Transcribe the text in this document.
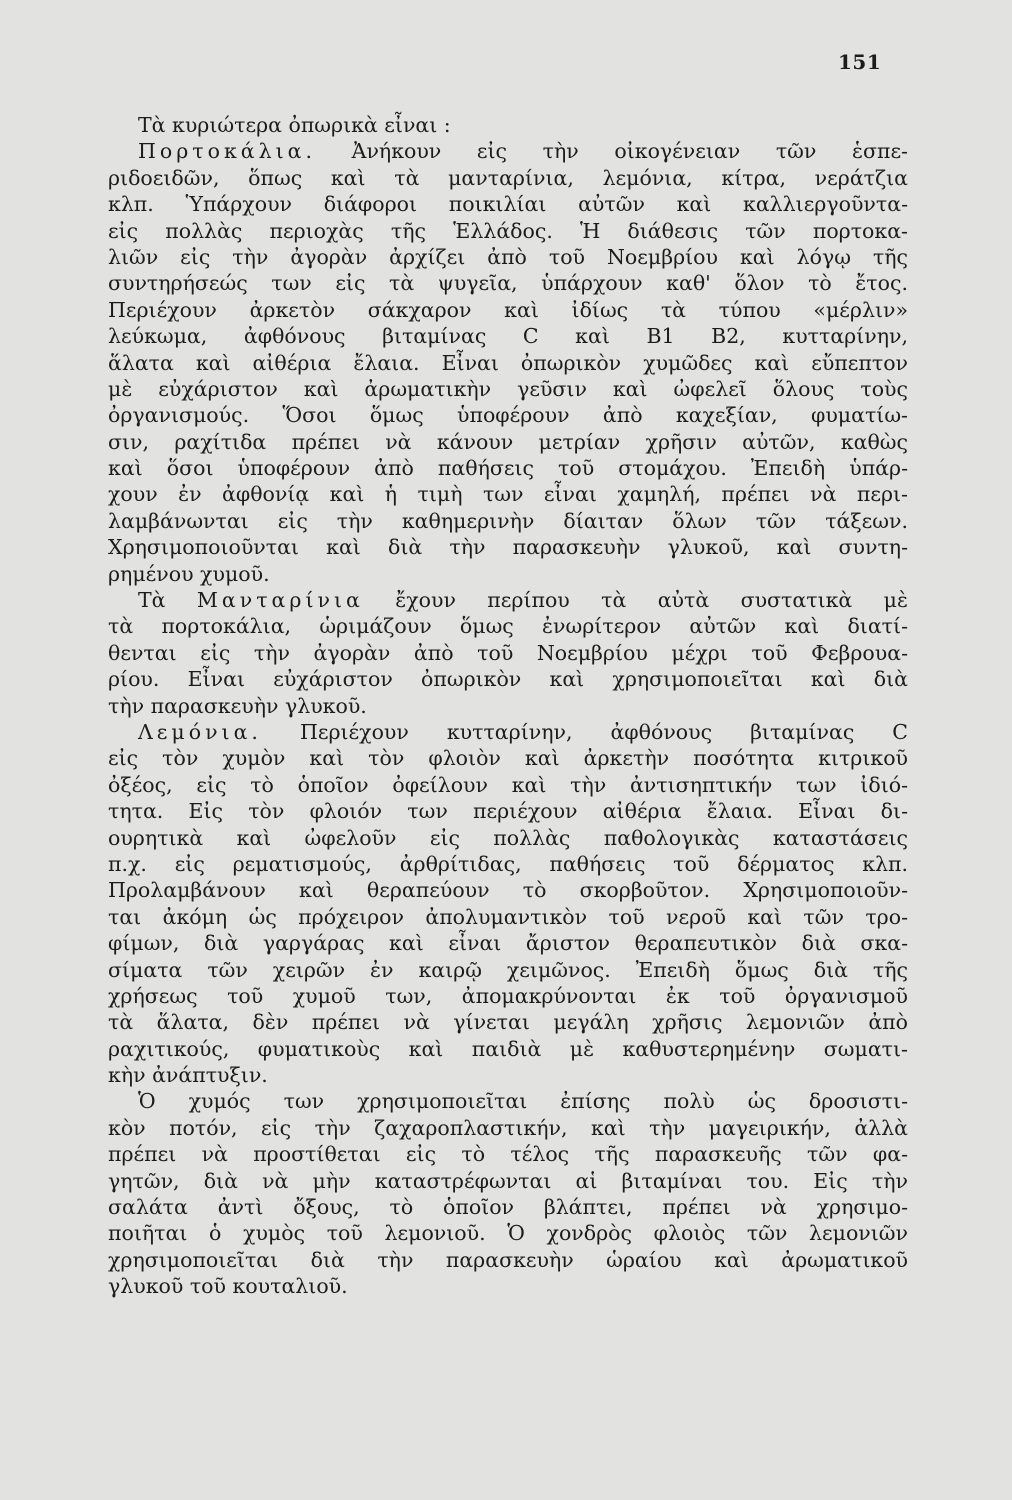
151
Τὰ κυριώτερα ὀπωρικὰ εἶναι :
Πορτοκάλια. Ἀνήκουν εἰς τὴν οἰκογένειαν τῶν ἑσπε-
ριδοειδῶν, ὅπως καὶ τὰ μανταρίνια, λεμόνια, κίτρα, νεράτζια
κλπ. Ὑπάρχουν διάφοροι ποικιλίαι αὐτῶν καὶ καλλιεργοῦντα-
εἰς πολλὰς περιοχὰς τῆς Ἑλλάδος. Ἡ διάθεσις τῶν πορτοκα-
λιῶν εἰς τὴν ἀγορὰν ἀρχίζει ἀπὸ τοῦ Νοεμβρίου καὶ λόγῳ τῆς
συντηρήσεώς των εἰς τὰ ψυγεῖα, ὑπάρχουν καθ' ὅλον τὸ ἔτος.
Περιέχουν ἀρκετὸν σάκχαρον καὶ ἰδίως τὰ τύπου «μέρλιν»
λεύκωμα, ἀφθόνους βιταμίνας C καὶ B1 B2, κυτταρίνην,
ἅλατα καὶ αἰθέρια ἔλαια. Εἶναι ὀπωρικὸν χυμῶδες καὶ εὔπεπτον
μὲ εὐχάριστον καὶ ἀρωματικὴν γεῦσιν καὶ ὠφελεῖ ὅλους τοὺς
ὀργανισμούς. Ὅσοι ὅμως ὑποφέρουν ἀπὸ καχεξίαν, φυματίω-
σιν, ραχίτιδα πρέπει νὰ κάνουν μετρίαν χρῆσιν αὐτῶν, καθὼς
καὶ ὅσοι ὑποφέρουν ἀπὸ παθήσεις τοῦ στομάχου. Ἐπειδὴ ὑπάρ-
χουν ἐν ἀφθονίᾳ καὶ ἡ τιμὴ των εἶναι χαμηλή, πρέπει νὰ περι-
λαμβάνωνται εἰς τὴν καθημερινὴν δίαιταν ὅλων τῶν τάξεων.
Χρησιμοποιοῦνται καὶ διὰ τὴν παρασκευὴν γλυκοῦ, καὶ συντη-
ρημένου χυμοῦ.
Τὰ Μανταρίνια ἔχουν περίπου τὰ αὐτὰ συστατικὰ μὲ
τὰ πορτοκάλια, ὡριμάζουν ὅμως ἐνωρίτερον αὐτῶν καὶ διατί-
θενται εἰς τὴν ἀγορὰν ἀπὸ τοῦ Νοεμβρίου μέχρι τοῦ Φεβρουα-
ρίου. Εἶναι εὐχάριστον ὀπωρικὸν καὶ χρησιμοποιεῖται καὶ διὰ
τὴν παρασκευὴν γλυκοῦ.
Λεμόνια. Περιέχουν κυτταρίνην, ἀφθόνους βιταμίνας C
εἰς τὸν χυμὸν καὶ τὸν φλοιὸν καὶ ἀρκετὴν ποσότητα κιτρικοῦ
ὀξέος, εἰς τὸ ὁποῖον ὀφείλουν καὶ τὴν ἀντισηπτικήν των ἰδιό-
τητα. Εἰς τὸν φλοιόν των περιέχουν αἰθέρια ἔλαια. Εἶναι δι-
ουρητικὰ καὶ ὠφελοῦν εἰς πολλὰς παθολογικὰς καταστάσεις
π.χ. εἰς ρεματισμούς, ἀρθρίτιδας, παθήσεις τοῦ δέρματος κλπ.
Προλαμβάνουν καὶ θεραπεύουν τὸ σκορβοῦτον. Χρησιμοποιοῦν-
ται ἀκόμη ὡς πρόχειρον ἀπολυμαντικὸν τοῦ νεροῦ καὶ τῶν τρο-
φίμων, διὰ γαργάρας καὶ εἶναι ἄριστον θεραπευτικὸν διὰ σκα-
σίματα τῶν χειρῶν ἐν καιρῷ χειμῶνος. Ἐπειδὴ ὅμως διὰ τῆς
χρήσεως τοῦ χυμοῦ των, ἀπομακρύνονται ἐκ τοῦ ὀργανισμοῦ
τὰ ἅλατα, δὲν πρέπει νὰ γίνεται μεγάλη χρῆσις λεμονιῶν ἀπὸ
ραχιτικούς, φυματικοὺς καὶ παιδιὰ μὲ καθυστερημένην σωματι-
κὴν ἀνάπτυξιν.
Ὁ χυμός των χρησιμοποιεῖται ἐπίσης πολὺ ὡς δροσιστι-
κὸν ποτόν, εἰς τὴν ζαχαροπλαστικήν, καὶ τὴν μαγειρικήν, ἀλλὰ
πρέπει νὰ προστίθεται εἰς τὸ τέλος τῆς παρασκευῆς τῶν φα-
γητῶν, διὰ νὰ μὴν καταστρέφωνται αἱ βιταμίναι του. Εἰς τὴν
σαλάτα ἀντὶ ὄξους, τὸ ὁποῖον βλάπτει, πρέπει νὰ χρησιμο-
ποιῆται ὁ χυμὸς τοῦ λεμονιοῦ. Ὁ χονδρὸς φλοιὸς τῶν λεμονιῶν
χρησιμοποιεῖται διὰ τὴν παρασκευὴν ὡραίου καὶ ἀρωματικοῦ
γλυκοῦ τοῦ κουταλιοῦ.
